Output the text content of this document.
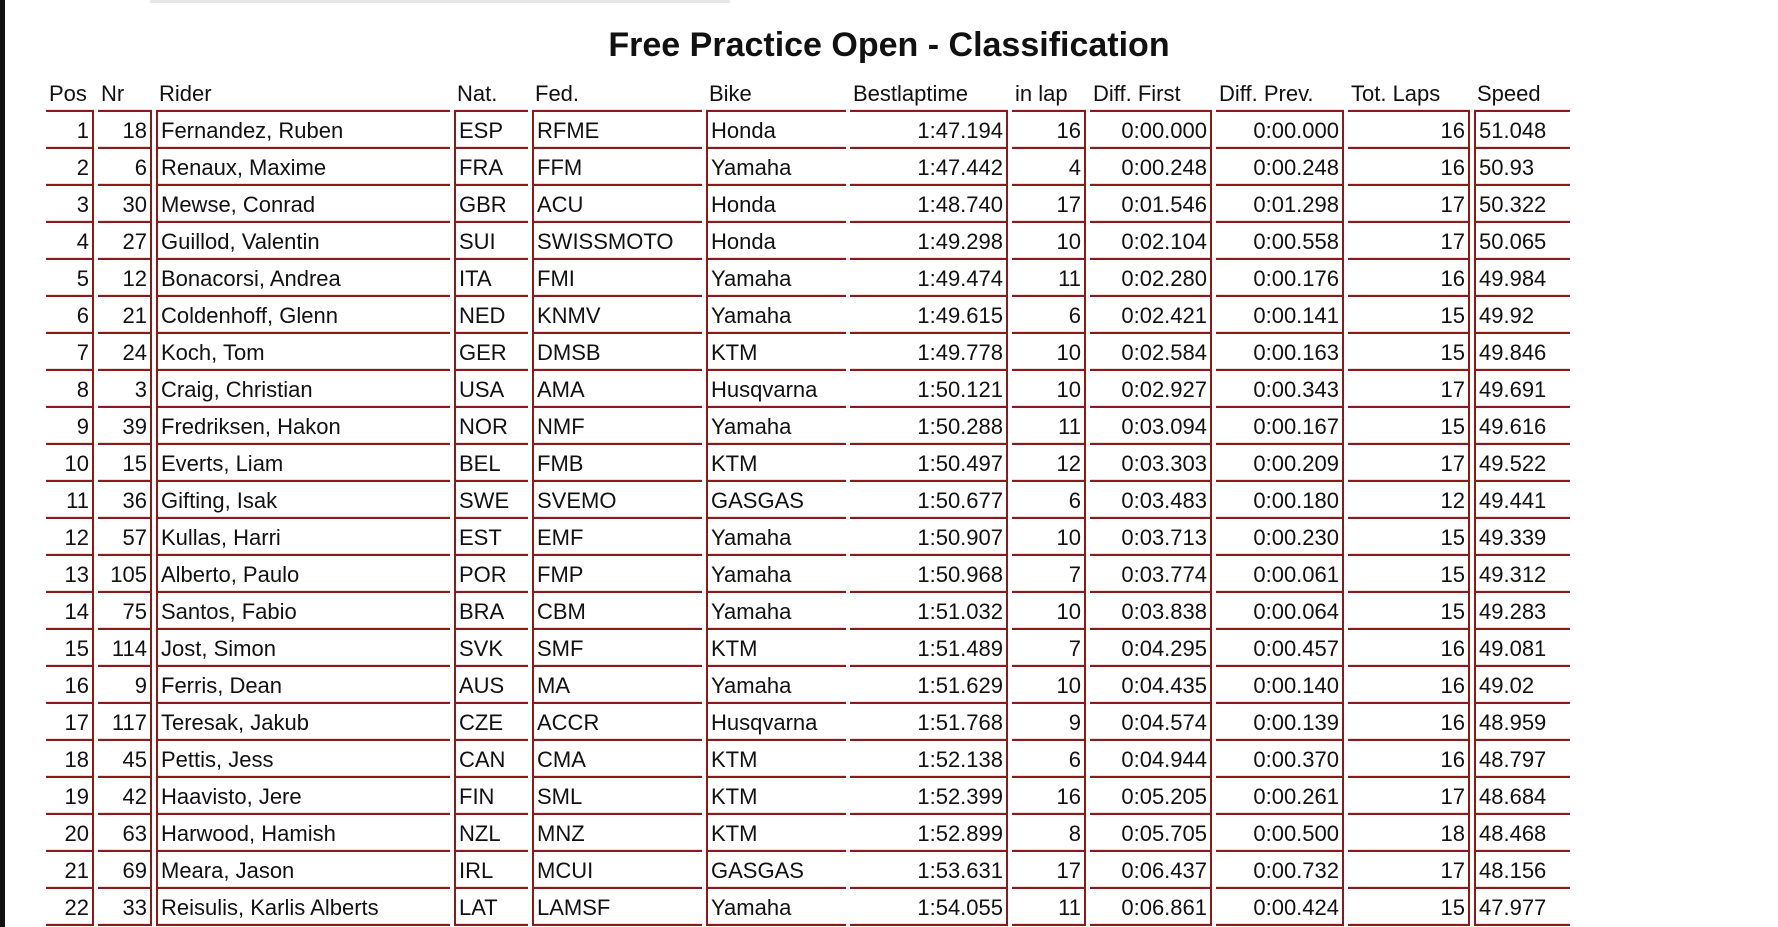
Free Practice Open - Classification
Pos	Nr	Rider	Nat.	Fed.	Bike	Bestlaptime	in lap	Diff. First	Diff. Prev.	Tot. Laps	Speed
1	18	Fernandez, Ruben	ESP	RFME	Honda	1:47.194	16	0:00.000	0:00.000	16	51.048
2	6	Renaux, Maxime	FRA	FFM	Yamaha	1:47.442	4	0:00.248	0:00.248	16	50.93
3	30	Mewse, Conrad	GBR	ACU	Honda	1:48.740	17	0:01.546	0:01.298	17	50.322
4	27	Guillod, Valentin	SUI	SWISSMOTO	Honda	1:49.298	10	0:02.104	0:00.558	17	50.065
5	12	Bonacorsi, Andrea	ITA	FMI	Yamaha	1:49.474	11	0:02.280	0:00.176	16	49.984
6	21	Coldenhoff, Glenn	NED	KNMV	Yamaha	1:49.615	6	0:02.421	0:00.141	15	49.92
7	24	Koch, Tom	GER	DMSB	KTM	1:49.778	10	0:02.584	0:00.163	15	49.846
8	3	Craig, Christian	USA	AMA	Husqvarna	1:50.121	10	0:02.927	0:00.343	17	49.691
9	39	Fredriksen, Hakon	NOR	NMF	Yamaha	1:50.288	11	0:03.094	0:00.167	15	49.616
10	15	Everts, Liam	BEL	FMB	KTM	1:50.497	12	0:03.303	0:00.209	17	49.522
11	36	Gifting, Isak	SWE	SVEMO	GASGAS	1:50.677	6	0:03.483	0:00.180	12	49.441
12	57	Kullas, Harri	EST	EMF	Yamaha	1:50.907	10	0:03.713	0:00.230	15	49.339
13	105	Alberto, Paulo	POR	FMP	Yamaha	1:50.968	7	0:03.774	0:00.061	15	49.312
14	75	Santos, Fabio	BRA	CBM	Yamaha	1:51.032	10	0:03.838	0:00.064	15	49.283
15	114	Jost, Simon	SVK	SMF	KTM	1:51.489	7	0:04.295	0:00.457	16	49.081
16	9	Ferris, Dean	AUS	MA	Yamaha	1:51.629	10	0:04.435	0:00.140	16	49.02
17	117	Teresak, Jakub	CZE	ACCR	Husqvarna	1:51.768	9	0:04.574	0:00.139	16	48.959
18	45	Pettis, Jess	CAN	CMA	KTM	1:52.138	6	0:04.944	0:00.370	16	48.797
19	42	Haavisto, Jere	FIN	SML	KTM	1:52.399	16	0:05.205	0:00.261	17	48.684
20	63	Harwood, Hamish	NZL	MNZ	KTM	1:52.899	8	0:05.705	0:00.500	18	48.468
21	69	Meara, Jason	IRL	MCUI	GASGAS	1:53.631	17	0:06.437	0:00.732	17	48.156
22	33	Reisulis, Karlis Alberts	LAT	LAMSF	Yamaha	1:54.055	11	0:06.861	0:00.424	15	47.977
